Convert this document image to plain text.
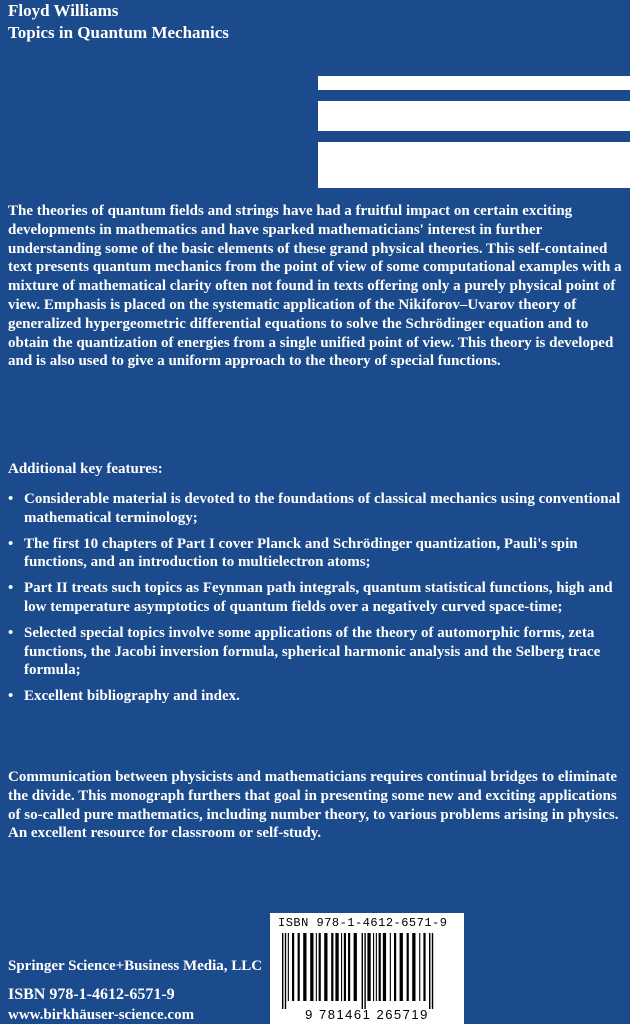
Floyd Williams
Topics in Quantum Mechanics

The theories of quantum fields and strings have had a fruitful impact on certain exciting developments in mathematics and have sparked mathematicians' interest in further understanding some of the basic elements of these grand physical theories. This self-contained text presents quantum mechanics from the point of view of some computational examples with a mixture of mathematical clarity often not found in texts offering only a purely physical point of view. Emphasis is placed on the systematic application of the Nikiforov–Uvarov theory of generalized hypergeometric differential equations to solve the Schrödinger equation and to obtain the quantization of energies from a single unified point of view. This theory is developed and is also used to give a uniform approach to the theory of special functions.

Additional key features:
• Considerable material is devoted to the foundations of classical mechanics using conventional mathematical terminology;
• The first 10 chapters of Part I cover Planck and Schrödinger quantization, Pauli's spin functions, and an introduction to multielectron atoms;
• Part II treats such topics as Feynman path integrals, quantum statistical functions, high and low temperature asymptotics of quantum fields over a negatively curved space-time;
• Selected special topics involve some applications of the theory of automorphic forms, zeta functions, the Jacobi inversion formula, spherical harmonic analysis and the Selberg trace formula;
• Excellent bibliography and index.

Communication between physicists and mathematicians requires continual bridges to eliminate the divide. This monograph furthers that goal in presenting some new and exciting applications of so-called pure mathematics, including number theory, to various problems arising in physics. An excellent resource for classroom or self-study.

Springer Science+Business Media, LLC
ISBN 978-1-4612-6571-9
www.birkhäuser-science.com
ISBN 978-1-4612-6571-9
9 781461 265719
